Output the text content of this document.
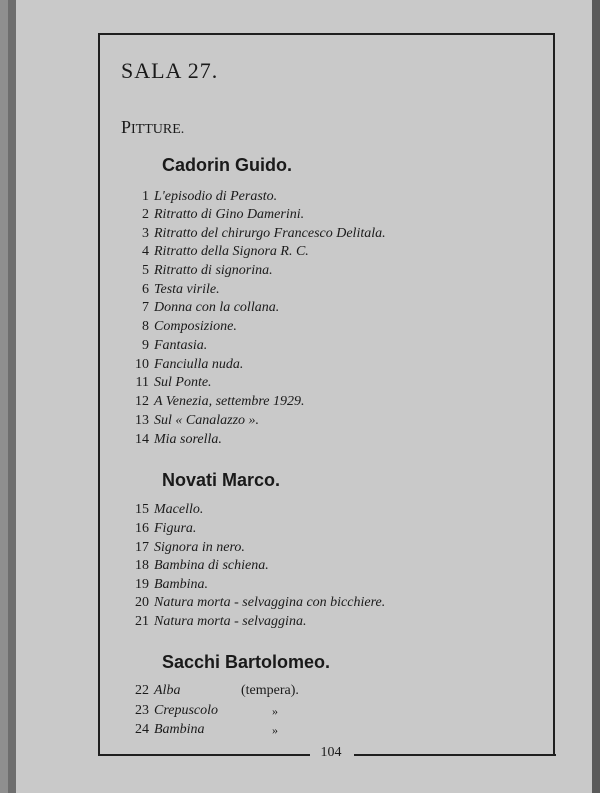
104
SALA 27.
PITTURE.
Cadorin Guido.
1 L'episodio di Perasto.
2 Ritratto di Gino Damerini.
3 Ritratto del chirurgo Francesco Delitala.
4 Ritratto della Signora R. C.
5 Ritratto di signorina.
6 Testa virile.
7 Donna con la collana.
8 Composizione.
9 Fantasia.
10 Fanciulla nuda.
11 Sul Ponte.
12 A Venezia, settembre 1929.
13 Sul « Canalazzo ».
14 Mia sorella.
Novati Marco.
15 Macello.
16 Figura.
17 Signora in nero.
18 Bambina di schiena.
19 Bambina.
20 Natura morta - selvaggina con bicchiere.
21 Natura morta - selvaggina.
Sacchi Bartolomeo.
22 Alba	(tempera).
23 Crepuscolo	»
24 Bambina	»
